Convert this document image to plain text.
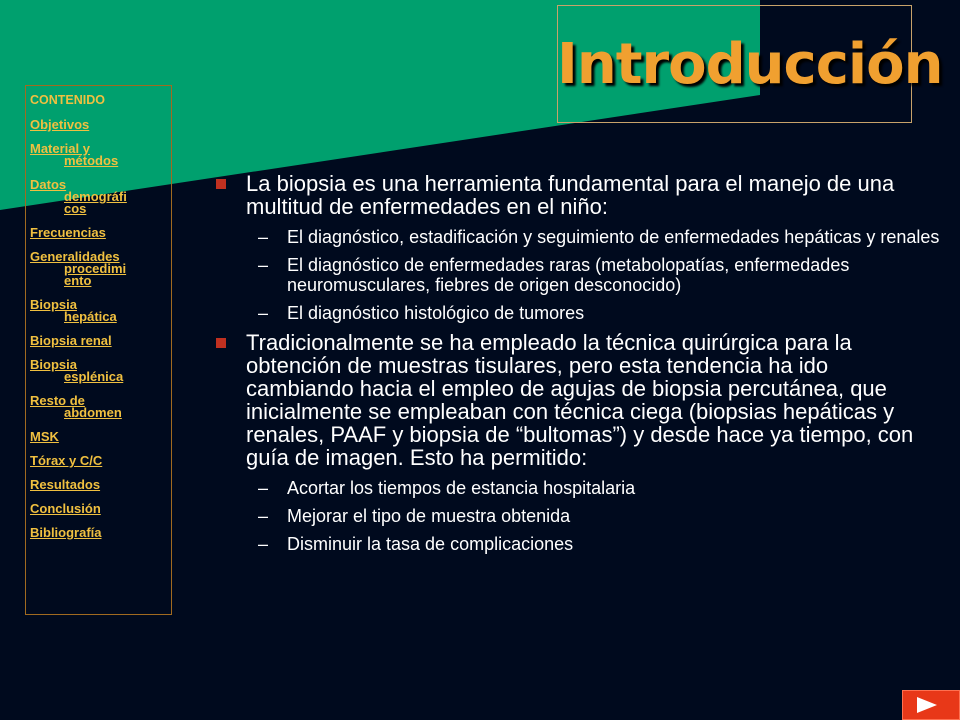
Introducción
CONTENIDO
Objetivos
Material y
métodos
Datos
demográfi
cos
Frecuencias
Generalidades
procedimi
ento
Biopsia
hepática
Biopsia renal
Biopsia
esplénica
Resto de
abdomen
MSK
Tórax y C/C
Resultados
Conclusión
Bibliografía
La biopsia es una herramienta fundamental para el manejo de una multitud de enfermedades en el niño:
– El diagnóstico, estadificación y seguimiento de enfermedades hepáticas y renales
– El diagnóstico de enfermedades raras (metabolopatías, enfermedades neuromusculares, fiebres de origen desconocido)
– El diagnóstico histológico de tumores
Tradicionalmente se ha empleado la técnica quirúrgica para la obtención de muestras tisulares, pero esta tendencia ha ido cambiando hacia el empleo de agujas de biopsia percutánea, que inicialmente se empleaban con técnica ciega (biopsias hepáticas y renales, PAAF y biopsia de “bultomas”) y desde hace ya tiempo, con guía de imagen. Esto ha permitido:
– Acortar los tiempos de estancia hospitalaria
– Mejorar el tipo de muestra obtenida
– Disminuir la tasa de complicaciones
